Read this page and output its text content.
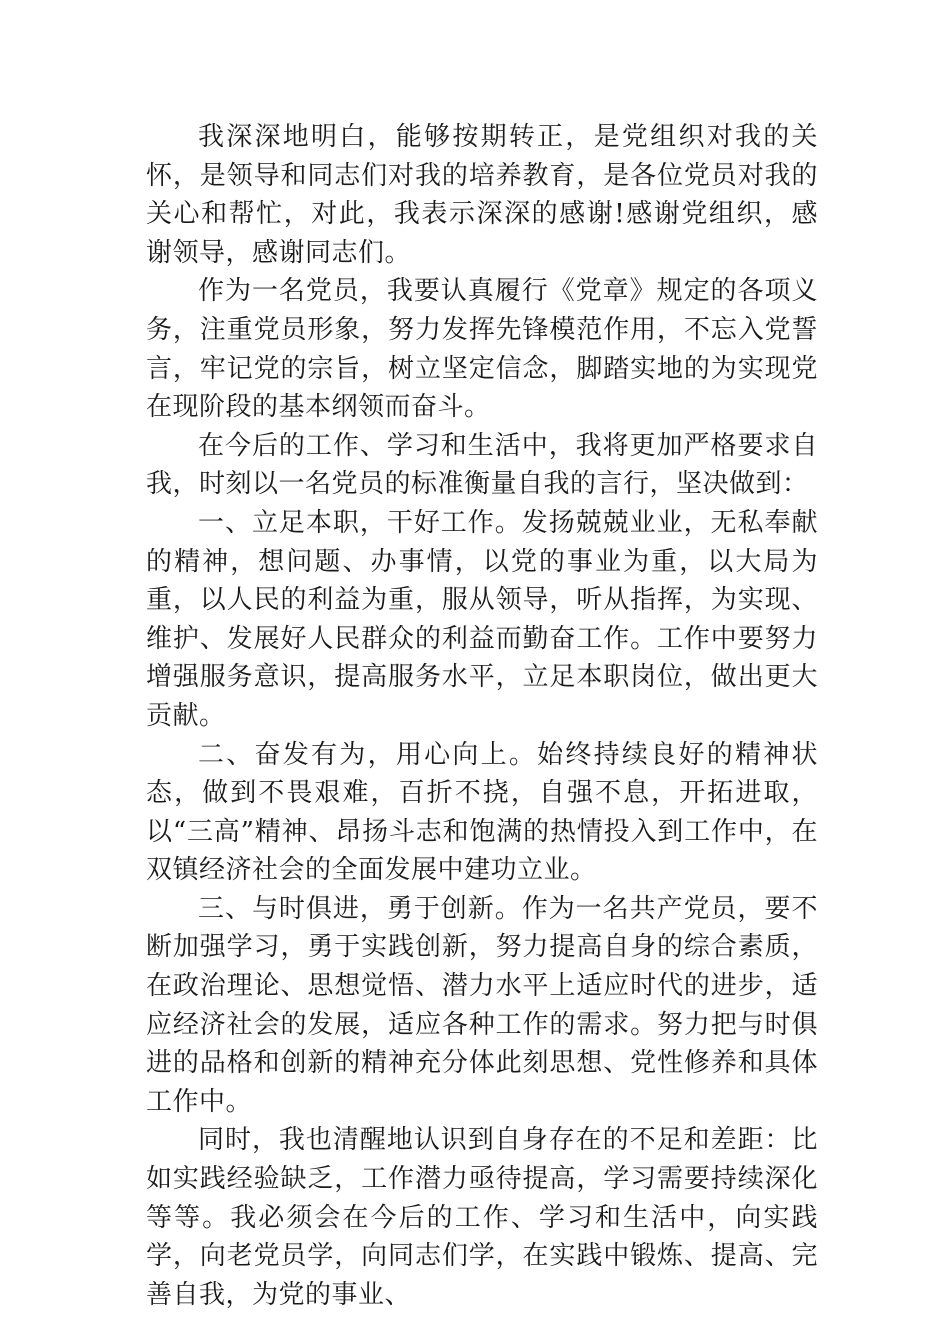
我深深地明白，能够按期转正，是党组织对我的关怀，是领导和同志们对我的培养教育，是各位党员对我的关心和帮忙，对此，我表示深深的感谢!感谢党组织，感谢领导，感谢同志们。

作为一名党员，我要认真履行《党章》规定的各项义务，注重党员形象，努力发挥先锋模范作用，不忘入党誓言，牢记党的宗旨，树立坚定信念，脚踏实地的为实现党在现阶段的基本纲领而奋斗。

在今后的工作、学习和生活中，我将更加严格要求自我，时刻以一名党员的标准衡量自我的言行，坚决做到：

一、立足本职，干好工作。发扬兢兢业业，无私奉献的精神，想问题、办事情，以党的事业为重，以大局为重，以人民的利益为重，服从领导，听从指挥，为实现、维护、发展好人民群众的利益而勤奋工作。工作中要努力增强服务意识，提高服务水平，立足本职岗位，做出更大贡献。

二、奋发有为，用心向上。始终持续良好的精神状态，做到不畏艰难，百折不挠，自强不息，开拓进取，以“三高”精神、昂扬斗志和饱满的热情投入到工作中，在双镇经济社会的全面发展中建功立业。

三、与时俱进，勇于创新。作为一名共产党员，要不断加强学习，勇于实践创新，努力提高自身的综合素质，在政治理论、思想觉悟、潜力水平上适应时代的进步，适应经济社会的发展，适应各种工作的需求。努力把与时俱进的品格和创新的精神充分体此刻思想、党性修养和具体工作中。

同时，我也清醒地认识到自身存在的不足和差距：比如实践经验缺乏，工作潜力亟待提高，学习需要持续深化等等。我必须会在今后的工作、学习和生活中，向实践学，向老党员学，向同志们学，在实践中锻炼、提高、完善自我，为党的事业、
